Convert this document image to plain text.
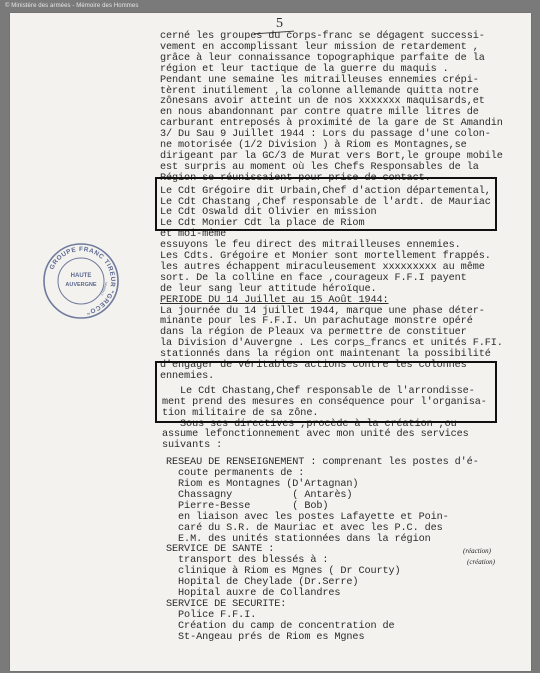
© Ministère des armées - Mémoire des Hommes
5
GROUPE FRANC TIREUR "GRECO"
HAUTE
AUVERGNE L'Adjudant
cerné les groupes du corps-franc se dégagent successi-
vement en accomplissant leur mission de retardement ,
grâce à leur connaissance topographique parfaite de la
région et leur tactique de la guerre du maquis .
Pendant une semaine les mitrailleuses ennemies crépi-
tèrent inutilement ,la colonne allemande quitta notre
zônesans avoir atteint un de nos xxxxxxx maquisards,et
en nous abandonnant par contre quatre mille litres de
carburant entreposés à proximité de la gare de St Amandin
3/ Du Sau 9 Juillet 1944 : Lors du passage d'une colon-
ne motorisée (1/2 Division ) à Riom es Montagnes,se
dirigeant par la GC/3 de Murat vers Bort,le groupe mobile
est surpris au moment où les Chefs Responsables de la
Région se réunissaient pour prise de contact.
Le Cdt Grégoire dit Urbain,Chef d'action départemental,
Le Cdt Chastang ,Chef responsable de l'ardt. de Mauriac
Le Cdt Oswald dit Olivier en mission
Le Cdt Monier Cdt la place de Riom
et moi-même
essuyons le feu direct des mitrailleuses ennemies.
Les Cdts. Grégoire et Monier sont mortellement frappés.
les autres échappent miraculeusement xxxxxxxxx au même
sort. De la colline en face ,courageux F.F.I payent
de leur sang leur attitude héroïque.
PERIODE DU 14 Juillet au 15 Août 1944:
La journée du 14 juillet 1944, marque une phase déter-
minante pour les F.F.I. Un parachutage monstre opéré
dans la région de Pleaux va permettre de constituer
la Division d'Auvergne . Les corps_francs et unités F.FI.
stationnés dans la région ont maintenant la possibilité
d'engager de véritables actions contre les colonnes
ennemies.
Le Cdt Chastang,Chef responsable de l'arrondisse-
ment prend des mesures en conséquence pour l'organisa-
tion militaire de sa zône.
Sous ses directives ,procède à la création ,ou
assume lefonctionnement avec mon unité des services
suivants :
RESEAU DE RENSEIGNEMENT : comprenant les postes d'é-
coute permanents de :
Riom es Montagnes (D'Artagnan)
Chassagny          ( Antarès)
Pierre-Besse       ( Bob)
en liaison avec les postes Lafayette et Poin-
caré du S.R. de Mauriac et avec les P.C. des
E.M. des unités stationnées dans la région
SERVICE DE SANTE :
transport des blessés à :
clinique à Riom es Mgnes ( Dr Courty)
Hopital de Cheylade (Dr.Serre)
Hopital auxre de Collandres
SERVICE DE SECURITE:
Police F.F.I.
Création du camp de concentration de
St-Angeau prés de Riom es Mgnes
(réaction)
(création)
